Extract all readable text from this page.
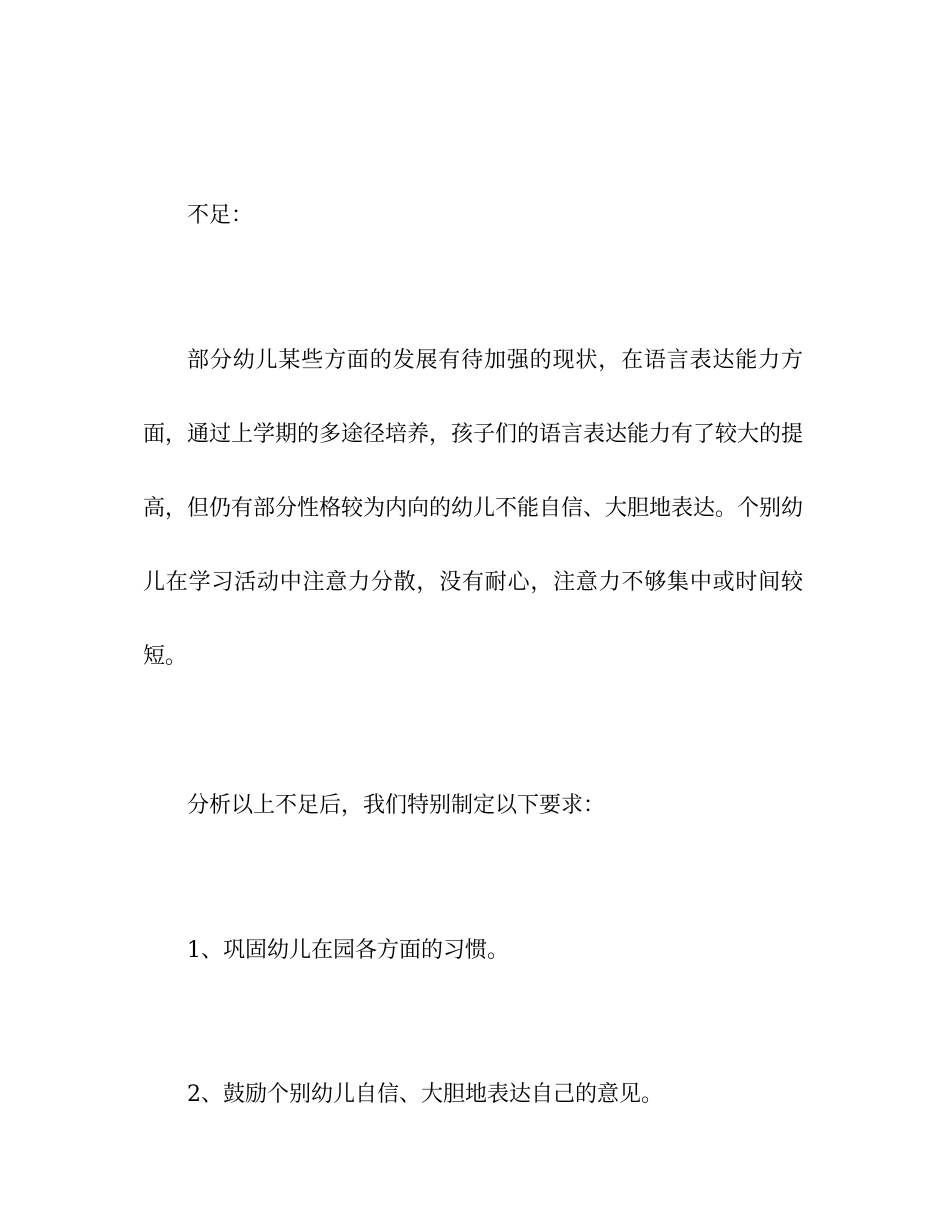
不足：

部分幼儿某些方面的发展有待加强的现状，在语言表达能力方面，通过上学期的多途径培养，孩子们的语言表达能力有了较大的提高，但仍有部分性格较为内向的幼儿不能自信、大胆地表达。个别幼儿在学习活动中注意力分散，没有耐心，注意力不够集中或时间较短。

分析以上不足后，我们特别制定以下要求：

1、巩固幼儿在园各方面的习惯。

2、鼓励个别幼儿自信、大胆地表达自己的意见。
